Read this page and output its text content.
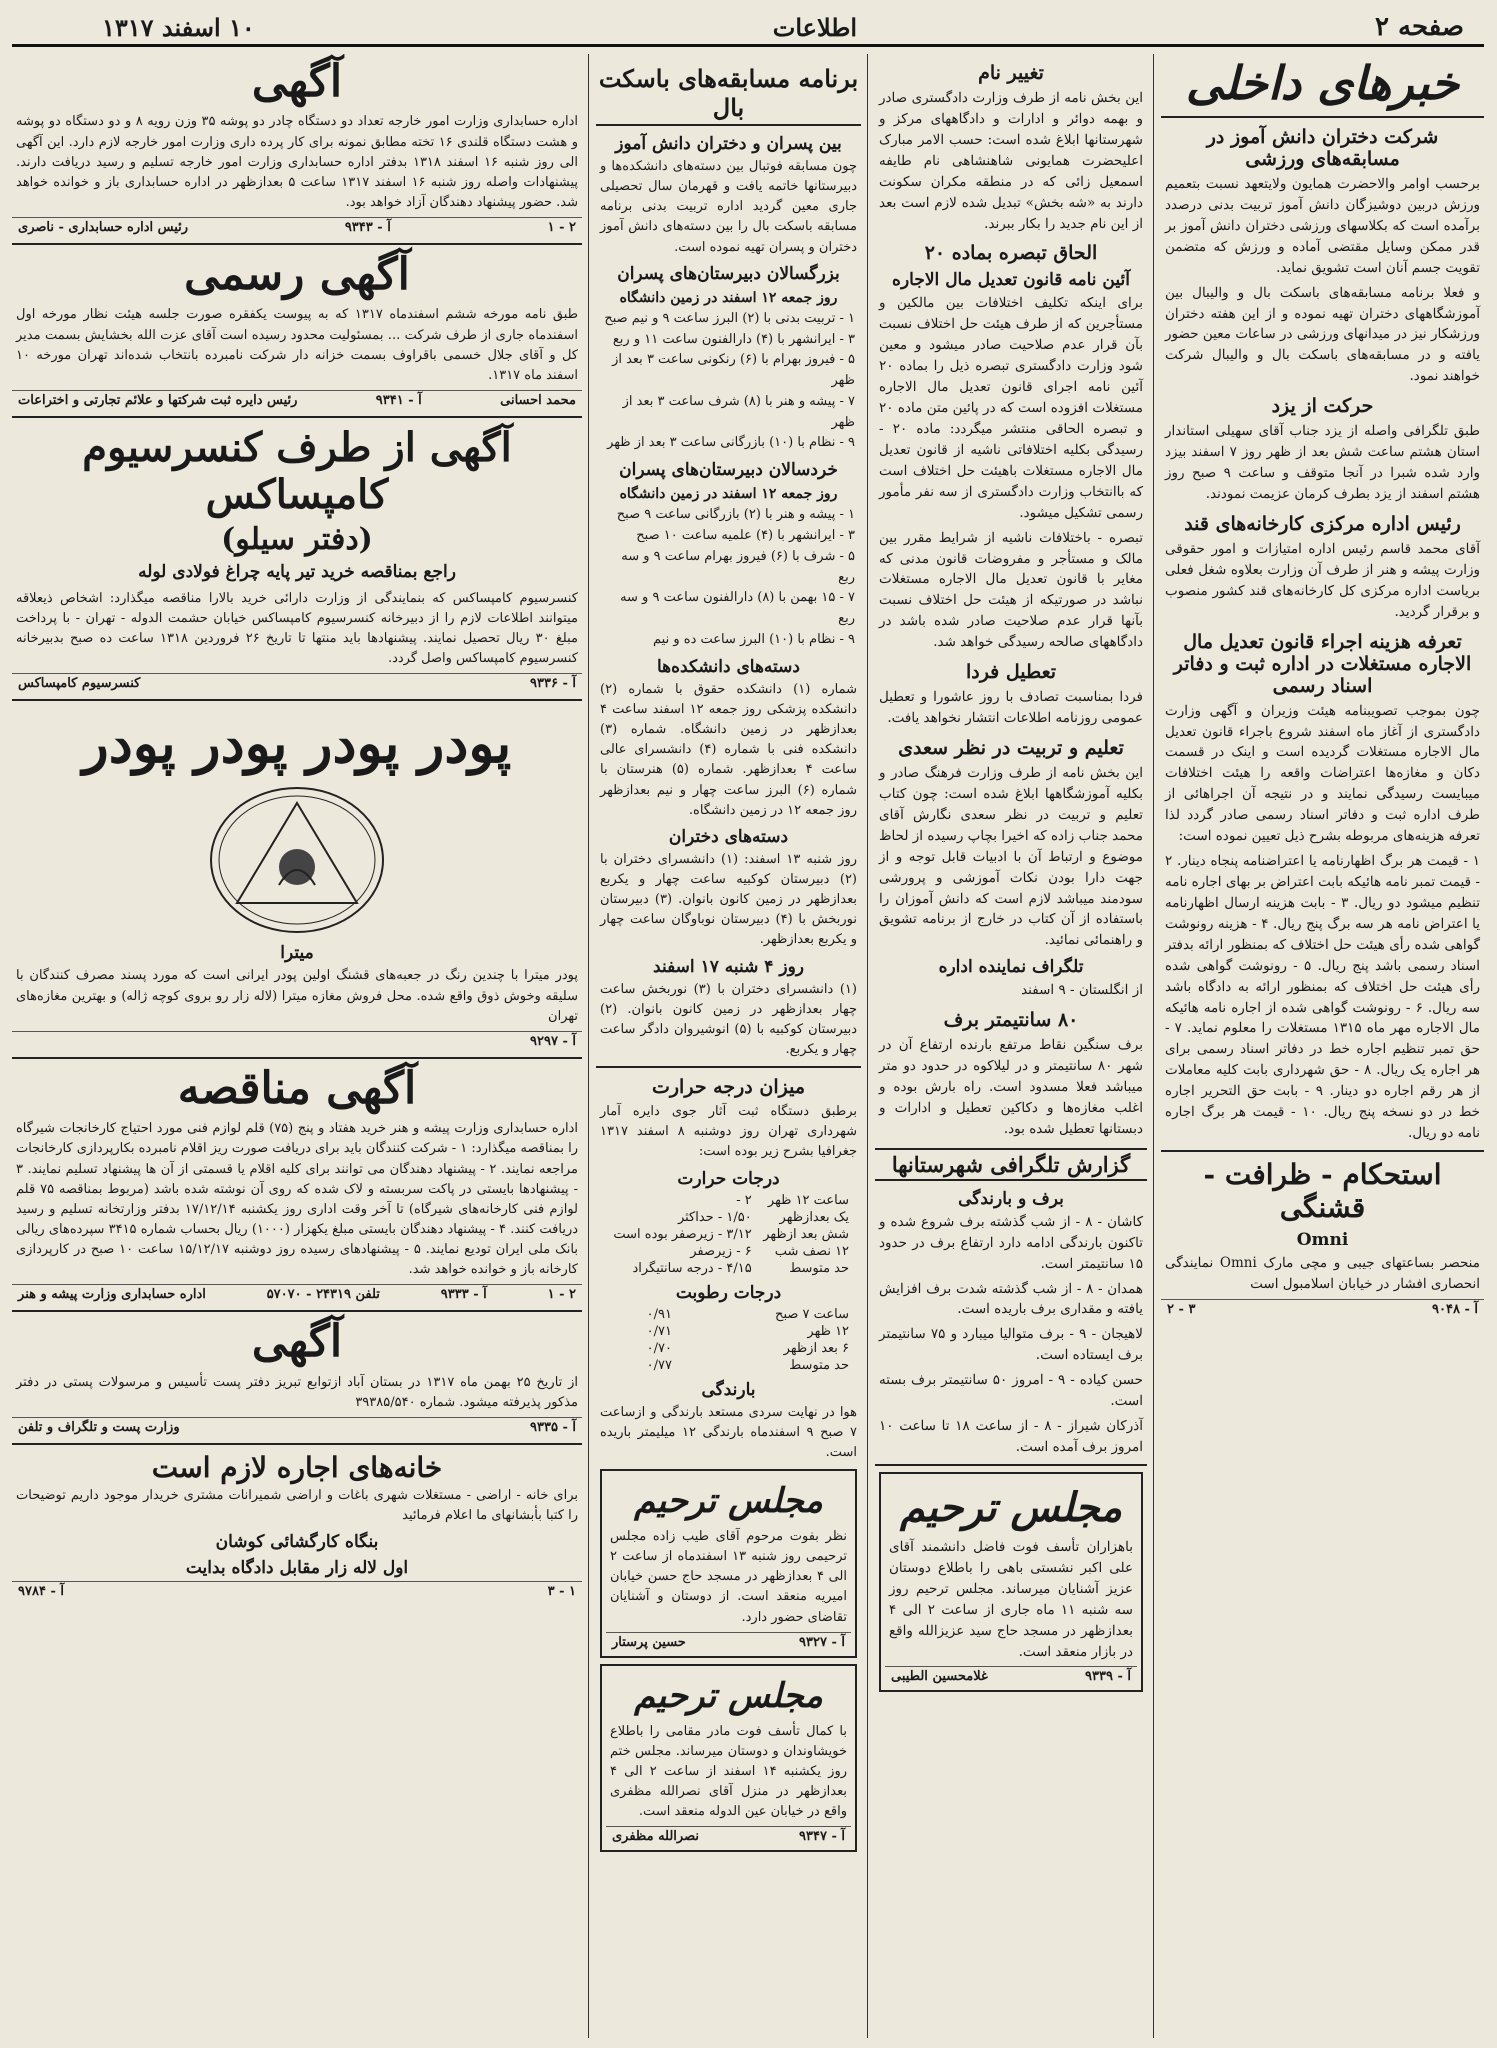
صفحه ۲
اطلاعات
۱۰ اسفند ۱۳۱۷
خبرهای داخلی
شرکت دختران دانش آموز در مسابقه‌های ورزشی

برحسب اوامر والاحضرت همایون ولایتعهد نسبت بتعمیم ورزش دربین دوشیزگان دانش آموز تربیت بدنی درصدد برآمده است که بکلاسهای ورزشی دختران دانش آموز بر قدر ممکن وسایل مقتضی آماده و ورزش که متضمن تقویت جسم آنان است تشویق نماید.

و فعلا برنامه مسابقه‌های باسکت بال و والیبال بین آموزشگاههای دختران تهیه نموده و از این هفته دختران ورزشکار نیز در میدانهای ورزشی در ساعات معین حضور یافته و در مسابقه‌های باسکت بال و والیبال شرکت خواهند نمود.

حرکت از یزد

طبق تلگرافی واصله از یزد جناب آقای سهیلی استاندار استان هشتم ساعت شش بعد از ظهر روز ۷ اسفند بیزد وارد شده شبرا در آنجا متوقف و ساعت ۹ صبح روز هشتم اسفند از یزد بطرف کرمان عزیمت نمودند.

رئیس اداره مرکزی کارخانه‌های قند

آقای محمد قاسم رئیس اداره امتیازات و امور حقوقی وزارت پیشه و هنر از طرف آن وزارت بعلاوه شغل فعلی بریاست اداره مرکزی کل کارخانه‌های قند کشور منصوب و برقرار گردید.

تعرفه هزینه اجراء قانون تعدیل مال الاجاره مستغلات در اداره ثبت و دفاتر اسناد رسمی

چون بموجب تصویبنامه هیئت وزیران و آگهی وزارت دادگستری از آغاز ماه اسفند شروع باجراء قانون تعدیل مال الاجاره مستغلات گردیده است و اینک در قسمت دکان و مغازه‌ها اعتراضات واقعه را هیئت اختلافات میبایست رسیدگی نمایند و در نتیجه آن اجراهائی از طرف اداره ثبت و دفاتر اسناد رسمی صادر گردد لذا تعرفه هزینه‌های مربوطه بشرح ذیل تعیین نموده است:

۱ - قیمت هر برگ اظهارنامه یا اعتراضنامه پنجاه دینار. ۲ - قیمت تمبر نامه هائیکه بابت اعتراض بر بهای اجاره نامه تنظیم میشود دو ریال. ۳ - بابت هزینه ارسال اظهارنامه یا اعتراض نامه هر سه برگ پنج ریال. ۴ - هزینه رونوشت گواهی شده رأی هیئت حل اختلاف که بمنظور ارائه بدفتر اسناد رسمی باشد پنج ریال. ۵ - رونوشت گواهی شده رأی هیئت حل اختلاف که بمنظور ارائه به دادگاه باشد سه ریال. ۶ - رونوشت گواهی شده از اجاره نامه هائیکه مال الاجاره مهر ماه ۱۳۱۵ مستغلات را معلوم نماید. ۷ - حق تمبر تنظیم اجاره خط در دفاتر اسناد رسمی برای هر اجاره یک ریال. ۸ - حق شهرداری بابت کلیه معاملات از هر رقم اجاره دو دینار. ۹ - بابت حق التحریر اجاره خط در دو نسخه پنج ریال. ۱۰ - قیمت هر برگ اجاره نامه دو ریال.

استحکام - ظرافت - قشنگی
Omni

منحصر بساعتهای جیبی و مچی مارک Omni نمایندگی انحصاری افشار در خیابان اسلامبول است

آ - ۹۰۴۸
۳ - ۲
تغییر نام

این بخش نامه از طرف وزارت دادگستری صادر و بهمه دوائر و ادارات و دادگاههای مرکز و شهرستانها ابلاغ شده است: حسب الامر مبارک اعلیحضرت همایونی شاهنشاهی نام طایفه اسمعیل زائی که در منطقه مکران سکونت دارند به «شه بخش» تبدیل شده لازم است بعد از این نام جدید را بکار ببرند.

الحاق تبصره بماده ۲۰
آئین نامه قانون تعدیل مال الاجاره

برای اینکه تکلیف اختلافات بین مالکین و مستأجرین که از طرف هیئت حل اختلاف نسبت بآن قرار عدم صلاحیت صادر میشود و معین شود وزارت دادگستری تبصره ذیل را بماده ۲۰ آئین نامه اجرای قانون تعدیل مال الاجاره مستغلات افزوده است که در پائین متن ماده ۲۰ و تبصره الحاقی منتشر میگردد: ماده ۲۰ - رسیدگی بکلیه اختلافاتی ناشیه از قانون تعدیل مال الاجاره مستغلات باهیئت حل اختلاف است که باانتخاب وزارت دادگستری از سه نفر مأمور رسمی تشکیل میشود.

تبصره - باختلافات ناشیه از شرایط مقرر بین مالک و مستأجر و مفروضات قانون مدنی که مغایر با قانون تعدیل مال الاجاره مستغلات نباشد در صورتیکه از هیئت حل اختلاف نسبت بآنها قرار عدم صلاحیت صادر شده باشد در دادگاههای صالحه رسیدگی خواهد شد.

تعطیل فردا

فردا بمناسبت تصادف با روز عاشورا و تعطیل عمومی روزنامه اطلاعات انتشار نخواهد یافت.

تعلیم و تربیت در نظر سعدی

این بخش نامه از طرف وزارت فرهنگ صادر و بکلیه آموزشگاهها ابلاغ شده است: چون کتاب تعلیم و تربیت در نظر سعدی نگارش آقای محمد جناب زاده که اخیرا بچاپ رسیده از لحاظ موضوع و ارتباط آن با ادبیات قابل توجه و از جهت دارا بودن نکات آموزشی و پرورشی سودمند میباشد لازم است که دانش آموزان را باستفاده از آن کتاب در خارج از برنامه تشویق و راهنمائی نمائید.

تلگراف نماینده اداره

از انگلستان - ۹ اسفند

۸۰ سانتیمتر برف

برف سنگین نقاط مرتفع بارنده ارتفاع آن در شهر ۸۰ سانتیمتر و در لیلاکوه در حدود دو متر میباشد فعلا مسدود است. راه بارش بوده و اغلب مغازه‌ها و دکاکین تعطیل و ادارات و دبستانها تعطیل شده بود.

گزارش تلگرافی شهرستانها
برف و بارندگی

کاشان - ۸ - از شب گذشته برف شروع شده و تاکنون بارندگی ادامه دارد ارتفاع برف در حدود ۱۵ سانتیمتر است.

همدان - ۸ - از شب گذشته شدت برف افزایش یافته و مقداری برف باریده است.

لاهیجان - ۹ - برف متوالیا میبارد و ۷۵ سانتیمتر برف ایستاده است.

حسن کیاده - ۹ - امروز ۵۰ سانتیمتر برف بسته است.

آذرکان شیراز - ۸ - از ساعت ۱۸ تا ساعت ۱۰ امروز برف آمده است.

مجلس ترحیم

باهزاران تأسف فوت فاضل دانشمند آقای علی اکبر نشستی باهی را باطلاع دوستان عزیز آشنایان میرساند. مجلس ترحیم روز سه شنبه ۱۱ ماه جاری از ساعت ۲ الی ۴ بعدازظهر در مسجد حاج سید عزیزالله واقع در بازار منعقد است.

آ - ۹۳۳۹
غلامحسین الطیبی
برنامه مسابقه‌های باسکت بال
بین پسران و دختران دانش آموز

چون مسابقه فوتبال بین دسته‌های دانشکده‌ها و دبیرستانها خاتمه یافت و قهرمان سال تحصیلی جاری معین گردید اداره تربیت بدنی برنامه مسابقه باسکت بال را بین دسته‌های دانش آموز دختران و پسران تهیه نموده است.

بزرگسالان دبیرستان‌های پسران
روز جمعه ۱۲ اسفند در زمین دانشگاه
۱ - تربیت بدنی با (۲) البرز ساعت ۹ و نیم صبح
۳ - ایرانشهر با (۴) دارالفنون ساعت ۱۱ و ربع
۵ - فیروز بهرام با (۶) رنکونی ساعت ۳ بعد از ظهر
۷ - پیشه و هنر با (۸) شرف ساعت ۳ بعد از ظهر
۹ - نظام با (۱۰) بازرگانی ساعت ۳ بعد از ظهر
خردسالان دبیرستان‌های پسران
روز جمعه ۱۲ اسفند در زمین دانشگاه
۱ - پیشه و هنر با (۲) بازرگانی ساعت ۹ صبح
۳ - ایرانشهر با (۴) علمیه ساعت ۱۰ صبح
۵ - شرف با (۶) فیروز بهرام ساعت ۹ و سه ربع
۷ - ۱۵ بهمن با (۸) دارالفنون ساعت ۹ و سه ربع
۹ - نظام با (۱۰) البرز ساعت ده و نیم
دسته‌های دانشکده‌ها

شماره (۱) دانشکده حقوق با شماره (۲) دانشکده پزشکی روز جمعه ۱۲ اسفند ساعت ۴ بعدازظهر در زمین دانشگاه. شماره (۳) دانشکده فنی با شماره (۴) دانشسرای عالی ساعت ۴ بعدازظهر. شماره (۵) هنرستان با شماره (۶) البرز ساعت چهار و نیم بعدازظهر روز جمعه ۱۲ در زمین دانشگاه.

دسته‌های دختران

روز شنبه ۱۳ اسفند: (۱) دانشسرای دختران با (۲) دبیرستان کوکبیه ساعت چهار و یکربع بعدازظهر در زمین کانون بانوان. (۳) دبیرستان نوربخش با (۴) دبیرستان نوباوگان ساعت چهار و یکربع بعدازظهر.

روز ۴ شنبه ۱۷ اسفند

(۱) دانشسرای دختران با (۳) نوربخش ساعت چهار بعدازظهر در زمین کانون بانوان. (۲) دبیرستان کوکبیه با (۵) انوشیروان دادگر ساعت چهار و یکربع.

میزان درجه حرارت

برطبق دستگاه ثبت آثار جوی دایره آمار شهرداری تهران روز دوشنبه ۸ اسفند ۱۳۱۷ جغرافیا بشرح زیر بوده است:

درجات حرارت
ساعت ۱۲ ظهر	۲ -
یک بعدازظهر	۱/۵۰ - حداکثر
شش بعد ازظهر	۳/۱۲ - زیرصفر بوده است
۱۲ نصف شب	۶ - زیرصفر
حد متوسط	۴/۱۵ - درجه سانتیگراد
درجات رطوبت
ساعت ۷ صبح	۰/۹۱
۱۲ ظهر	۰/۷۱
۶ بعد ازظهر	۰/۷۰
حد متوسط	۰/۷۷
بارندگی

هوا در نهایت سردی مستعد بارندگی و ازساعت ۷ صبح ۹ اسفندماه بارندگی ۱۲ میلیمتر باریده است.

مجلس ترحیم

نظر بفوت مرحوم آقای طیب زاده مجلس ترحیمی روز شنبه ۱۳ اسفندماه از ساعت ۲ الی ۴ بعدازظهر در مسجد حاج حسن خیابان امیریه منعقد است. از دوستان و آشنایان تقاضای حضور دارد.

آ - ۹۳۲۷
حسین پرستار
مجلس ترحیم

با کمال تأسف فوت مادر مقامی را باطلاع خویشاوندان و دوستان میرساند. مجلس ختم روز یکشنبه ۱۴ اسفند از ساعت ۲ الی ۴ بعدازظهر در منزل آقای نصرالله مظفری واقع در خیابان عین الدوله منعقد است.

آ - ۹۳۴۷
نصرالله مظفری
آگهی

اداره حسابداری وزارت امور خارجه تعداد دو دستگاه چادر دو پوشه ۳۵ وزن رویه ۸ و دو دستگاه دو پوشه و هشت دستگاه قلندی ۱۶ تخته مطابق نمونه برای کار پرده داری وزارت امور خارجه لازم دارد. این آگهی الی روز شنبه ۱۶ اسفند ۱۳۱۸ بدفتر اداره حسابداری وزارت امور خارجه تسلیم و رسید دریافت دارند. پیشنهادات واصله روز شنبه ۱۶ اسفند ۱۳۱۷ ساعت ۵ بعدازظهر در اداره حسابداری باز و خوانده خواهد شد. حضور پیشنهاد دهندگان آزاد خواهد بود.

۲ - ۱
آ - ۹۳۴۳
رئیس اداره حسابداری - ناصری
آگهی رسمی

طبق نامه مورخه ششم اسفندماه ۱۳۱۷ که به پیوست یکفقره صورت جلسه هیئت نظار مورخه اول اسفندماه جاری از طرف شرکت ... بمسئولیت محدود رسیده است آقای عزت الله بخشایش بسمت مدیر کل و آقای جلال خسمی باقراوف بسمت خزانه دار شرکت نامبرده بانتخاب شده‌اند تهران مورخه ۱۰ اسفند ماه ۱۳۱۷.

محمد احسانی
آ - ۹۳۴۱
رئیس دایره ثبت شرکتها و علائم تجارتی و اختراعات
آگهی از طرف کنسرسیوم کامپساکس
(دفتر سیلو)
راجع بمناقصه خرید تیر پایه چراغ فولادی لوله

کنسرسیوم کامپساکس که بنمایندگی از وزارت دارائی خرید بالارا مناقصه میگذارد: اشخاص ذیعلاقه میتوانند اطلاعات لازم را از دبیرخانه کنسرسیوم کامپساکس خیابان حشمت الدوله - تهران - با پرداخت مبلغ ۳۰ ریال تحصیل نمایند. پیشنهادها باید منتها تا تاریخ ۲۶ فروردین ۱۳۱۸ ساعت ده صبح بدبیرخانه کنسرسیوم کامپساکس واصل گردد.

آ - ۹۳۳۶
کنسرسیوم کامپساکس
پودر پودر پودر پودر
میترا

پودر میترا با چندین رنگ در جعبه‌های قشنگ اولین پودر ایرانی است که مورد پسند مصرف کنندگان با سلیقه وخوش ذوق واقع شده. محل فروش مغازه میترا (لاله زار رو بروی کوچه ژاله) و بهترین مغازه‌های تهران

آ - ۹۲۹۷
آگهی مناقصه

اداره حسابداری وزارت پیشه و هنر خرید هفتاد و پنج (۷۵) قلم لوازم فنی مورد احتیاج کارخانجات شیرگاه را بمناقصه میگذارد: ۱ - شرکت کنندگان باید برای دریافت صورت ریز اقلام نامبرده بکارپردازی کارخانجات مراجعه نمایند. ۲ - پیشنهاد دهندگان می توانند برای کلیه اقلام یا قسمتی از آن ها پیشنهاد تسلیم نمایند. ۳ - پیشنهادها بایستی در پاکت سربسته و لاک شده که روی آن نوشته شده باشد (مربوط بمناقصه ۷۵ قلم لوازم فنی کارخانه‌های شیرگاه) تا آخر وقت اداری روز یکشنبه ۱۷/۱۲/۱۴ بدفتر وزارتخانه تسلیم و رسید دریافت کنند. ۴ - پیشنهاد دهندگان بایستی مبلغ یکهزار (۱۰۰۰) ریال بحساب شماره ۳۴۱۵ سپرده‌های ریالی بانک ملی ایران تودیع نمایند. ۵ - پیشنهادهای رسیده روز دوشنبه ۱۵/۱۲/۱۷ ساعت ۱۰ صبح در کارپردازی کارخانه باز و خوانده خواهد شد.

۲ - ۱
آ - ۹۳۳۳
تلفن ۲۴۳۱۹ - ۵۷۰۷۰
اداره حسابداری وزارت پیشه و هنر
آگهی

از تاریخ ۲۵ بهمن ماه ۱۳۱۷ در بستان آباد ازتوابع تبریز دفتر پست تأسیس و مرسولات پستی در دفتر مذکور پذیرفته میشود. شماره ۳۹۳۸۵/۵۴۰

آ - ۹۳۳۵
وزارت پست و تلگراف و تلفن
خانه‌های اجاره لازم است

برای خانه - اراضی - مستغلات شهری باغات و اراضی شمیرانات مشتری خریدار موجود داریم توضیحات را کتبا بأبشانهای ما اعلام فرمائید

بنگاه کارگشائی کوشان
اول لاله زار مقابل دادگاه بدایت
۱ - ۳
آ - ۹۷۸۴
